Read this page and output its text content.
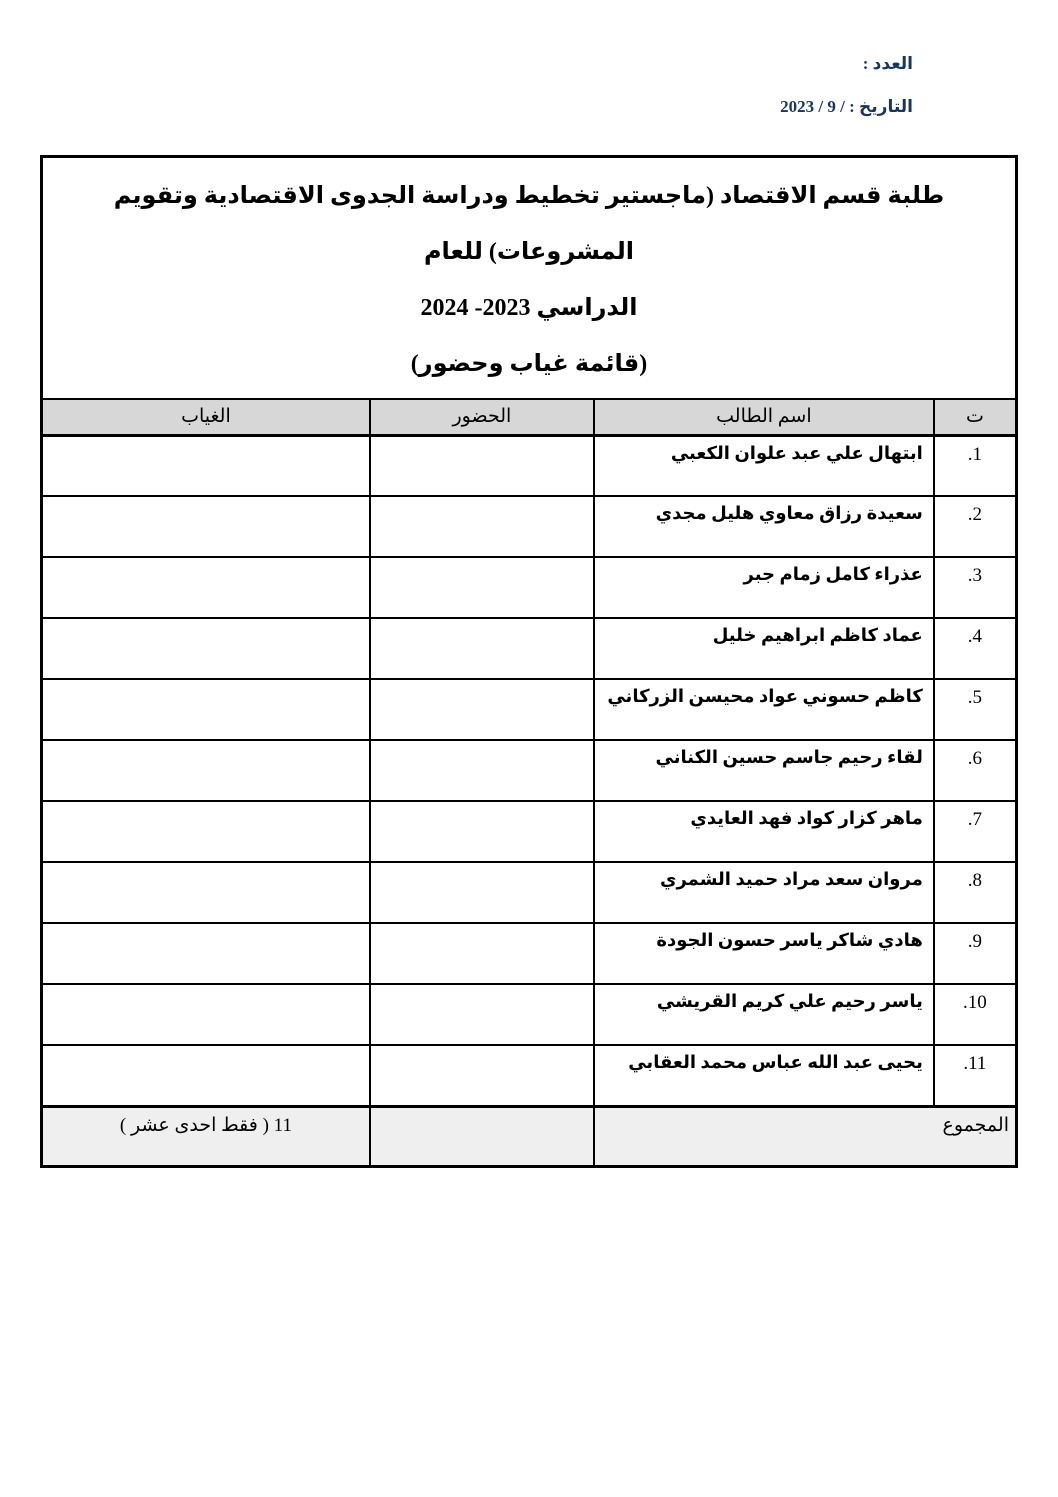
العدد :
التاريخ : / 9 / 2023
طلبة قسم الاقتصاد (ماجستير تخطيط ودراسة الجدوى الاقتصادية وتقويم المشروعات) للعام
الدراسي 2023- 2024
(قائمة غياب وحضور)			

ت	اسم الطالب	الحضور	الغياب
1.	ابتهال علي عبد علوان الكعبي		
2.	سعيدة رزاق معاوي هليل مجدي		
3.	عذراء كامل زمام جبر		
4.	عماد كاظم ابراهيم خليل		
5.	كاظم حسوني عواد محيسن الزركاني		
6.	لقاء رحيم جاسم حسين الكناني		
7.	ماهر كزار كواد فهد العايدي		
8.	مروان سعد مراد حميد الشمري		
9.	هادي شاكر ياسر حسون الجودة		
10.	ياسر رحيم علي كريم القريشي		
11.	يحيى عبد الله عباس محمد العقابي		
المجموع			11 ( فقط احدى عشر )
